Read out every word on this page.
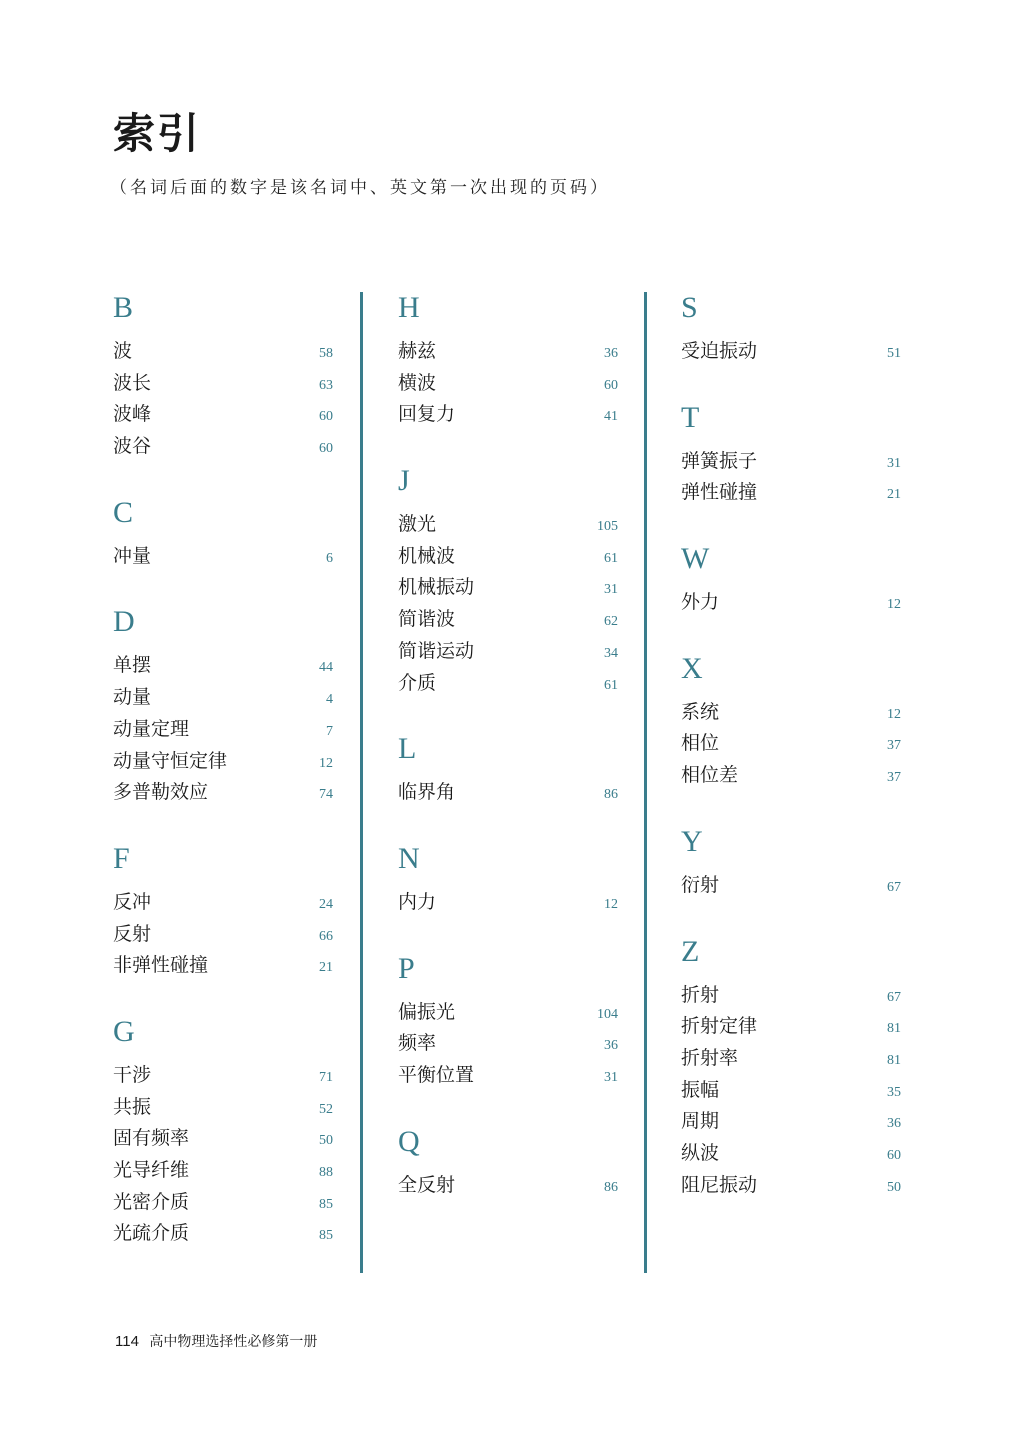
索引
（名词后面的数字是该名词中、英文第一次出现的页码）
B
波	58
波长	63
波峰	60
波谷	60
C
冲量	6
D
单摆	44
动量	4
动量定理	7
动量守恒定律	12
多普勒效应	74
F
反冲	24
反射	66
非弹性碰撞	21
G
干涉	71
共振	52
固有频率	50
光导纤维	88
光密介质	85
光疏介质	85
H
赫兹	36
横波	60
回复力	41
J
激光	105
机械波	61
机械振动	31
简谐波	62
简谐运动	34
介质	61
L
临界角	86
N
内力	12
P
偏振光	104
频率	36
平衡位置	31
Q
全反射	86
S
受迫振动	51
T
弹簧振子	31
弹性碰撞	21
W
外力	12
X
系统	12
相位	37
相位差	37
Y
衍射	67
Z
折射	67
折射定律	81
折射率	81
振幅	35
周期	36
纵波	60
阻尼振动	50
114 高中物理选择性必修第一册
